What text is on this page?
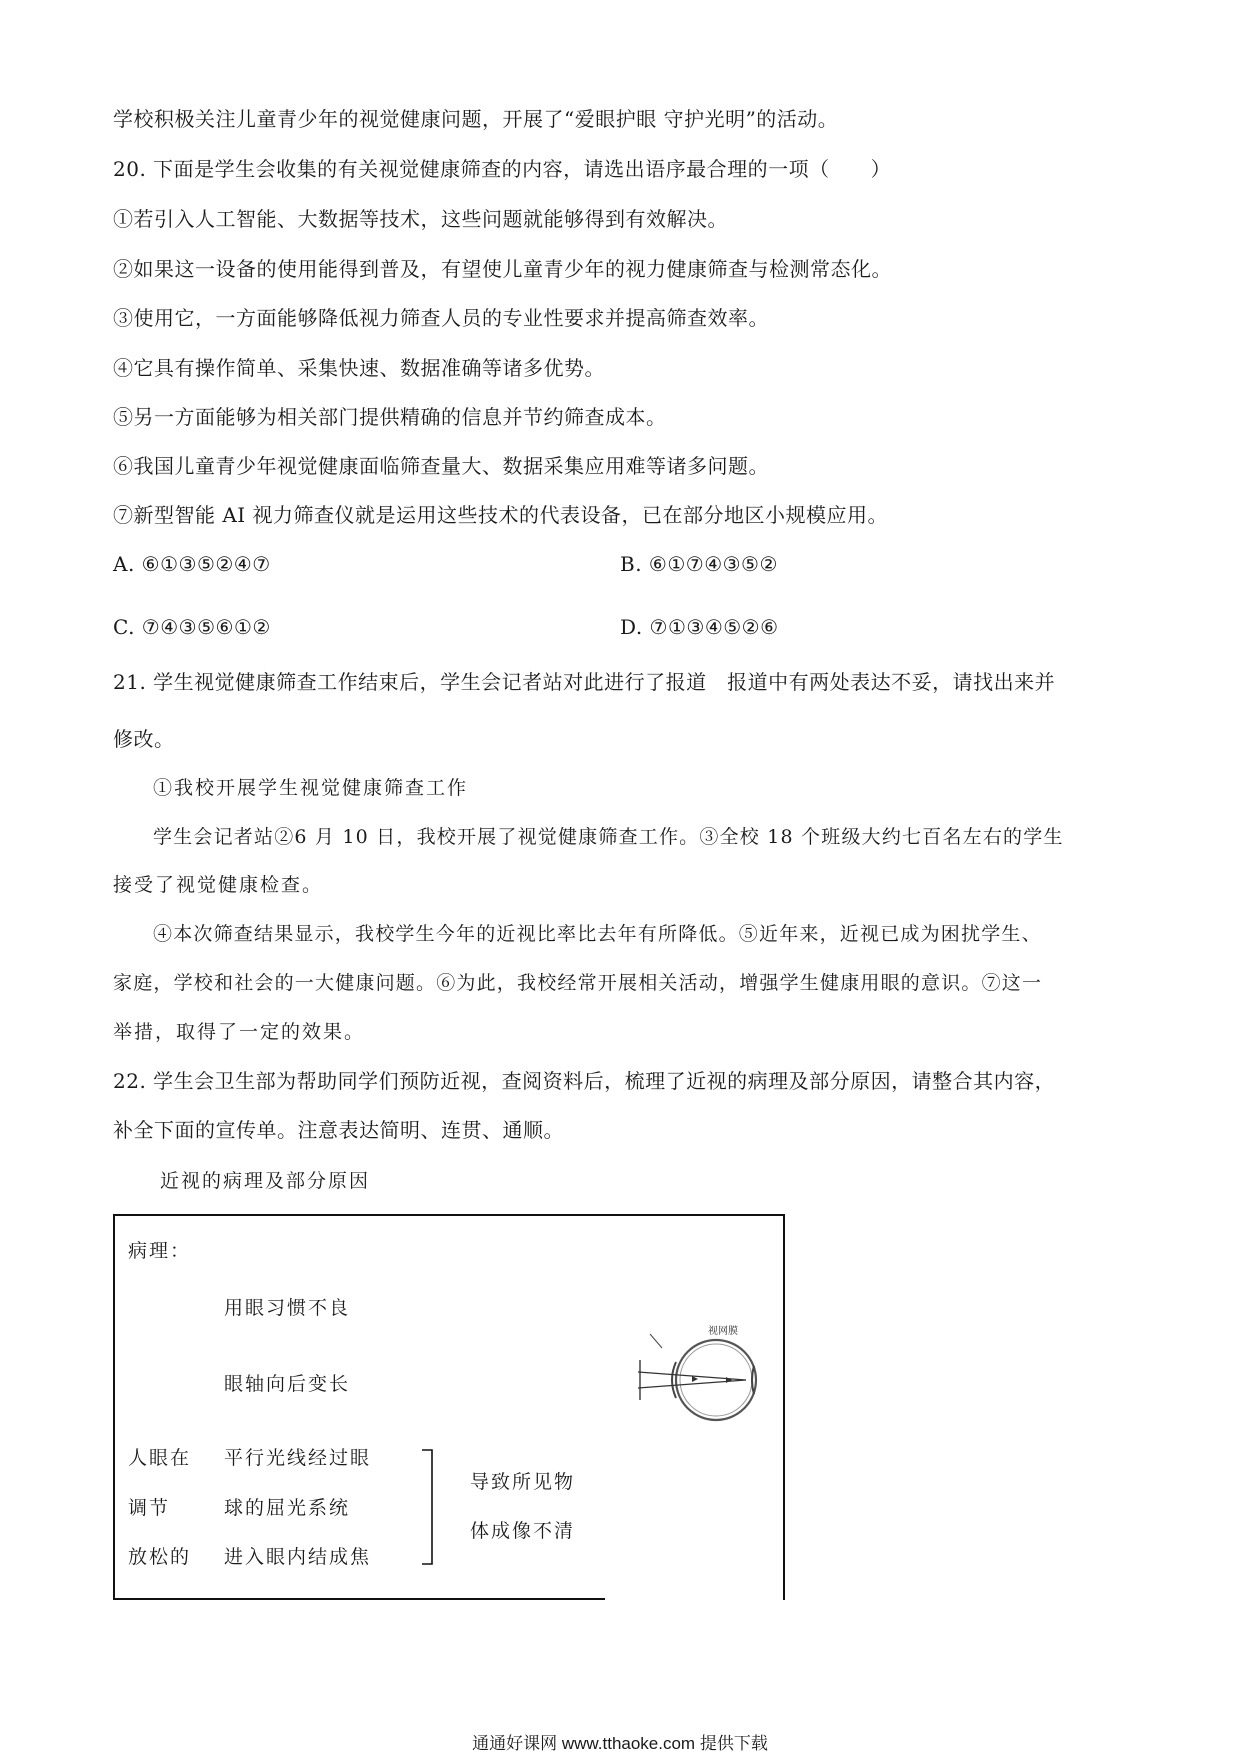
学校积极关注儿童青少年的视觉健康问题，开展了“爱眼护眼 守护光明”的活动。
20. 下面是学生会收集的有关视觉健康筛查的内容，请选出语序最合理的一项（　　）
①若引入人工智能、大数据等技术，这些问题就能够得到有效解决。
②如果这一设备的使用能得到普及，有望使儿童青少年的视力健康筛查与检测常态化。
③使用它，一方面能够降低视力筛查人员的专业性要求并提高筛查效率。
④它具有操作简单、采集快速、数据准确等诸多优势。
⑤另一方面能够为相关部门提供精确的信息并节约筛查成本。
⑥我国儿童青少年视觉健康面临筛查量大、数据采集应用难等诸多问题。
⑦新型智能 AI 视力筛查仪就是运用这些技术的代表设备，已在部分地区小规模应用。
A. ⑥①③⑤②④⑦	B. ⑥①⑦④③⑤②
C. ⑦④③⑤⑥①②	D. ⑦①③④⑤②⑥
21. 学生视觉健康筛查工作结束后，学生会记者站对此进行了报道　报道中有两处表达不妥，请找出来并
修改。
①我校开展学生视觉健康筛查工作
学生会记者站②6 月 10 日，我校开展了视觉健康筛查工作。③全校 18 个班级大约七百名左右的学生
接受了视觉健康检查。
④本次筛查结果显示，我校学生今年的近视比率比去年有所降低。⑤近年来，近视已成为困扰学生、
家庭，学校和社会的一大健康问题。⑥为此，我校经常开展相关活动，增强学生健康用眼的意识。⑦这一
举措，取得了一定的效果。
22. 学生会卫生部为帮助同学们预防近视，查阅资料后，梳理了近视的病理及部分原因，请整合其内容，
补全下面的宣传单。注意表达简明、连贯、通顺。
近视的病理及部分原因
病理：
用眼习惯不良
眼轴向后变长
人眼在
调节
放松的
平行光线经过眼
球的屈光系统
进入眼内结成焦
导致所见物
体成像不清
视网膜
通通好课网 www.tthaoke.com 提供下载
